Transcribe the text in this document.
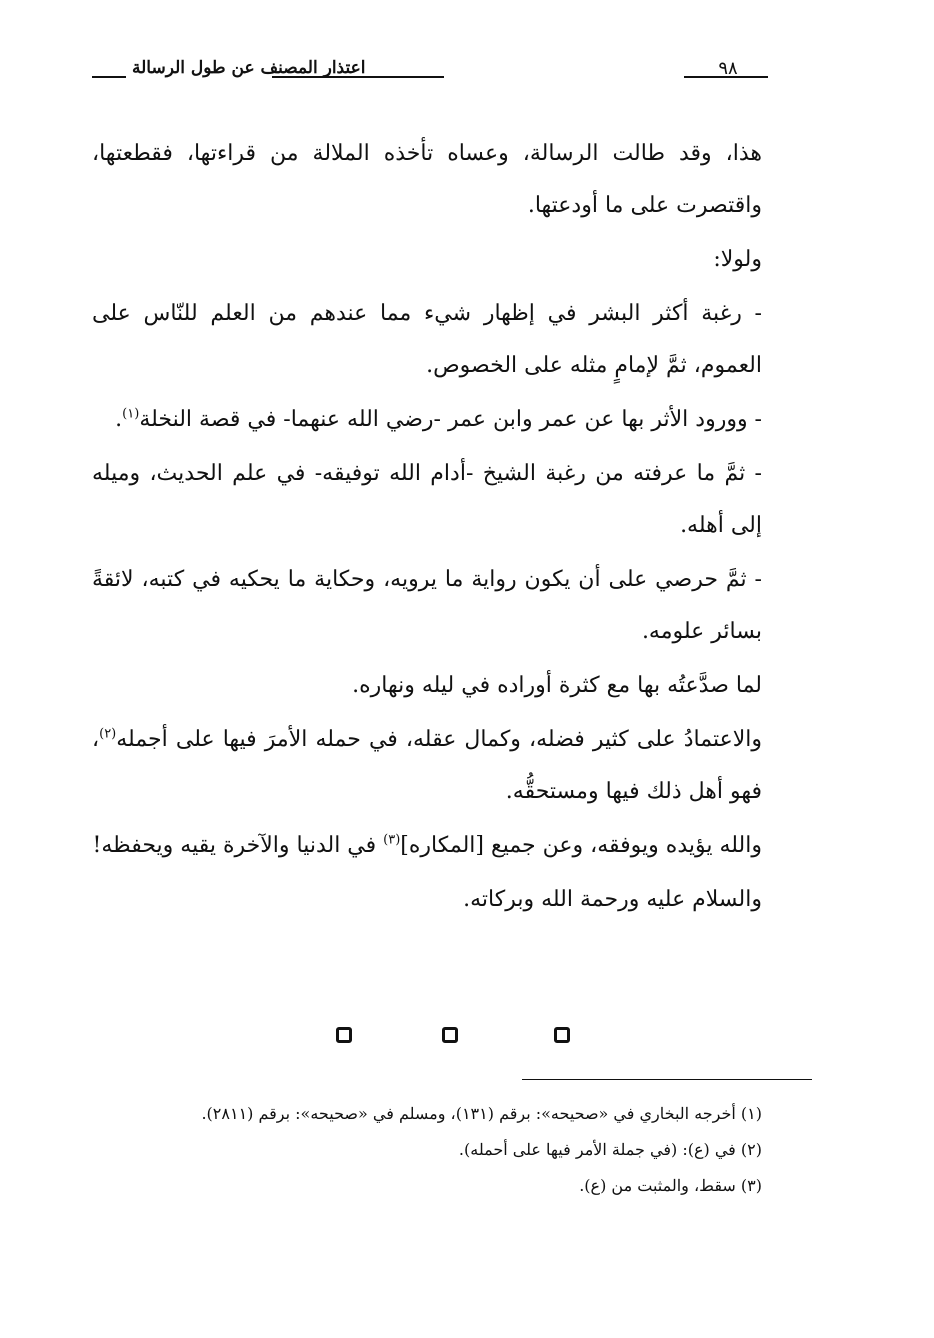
اعتذار المصنف عن طول الرسالة	٩٨

هذا، وقد طالت الرسالة، وعساه تأخذه الملالة من قراءتها، فقطعتها، واقتصرت على ما أودعتها.

ولولا:

- رغبة أكثر البشر في إظهار شيء مما عندهم من العلم للنّاس على العموم، ثمَّ لإمامٍ مثله على الخصوص.

- وورود الأثر بها عن عمر وابن عمر -رضي الله عنهما- في قصة النخلة$^{(١)}$.

- ثمَّ ما عرفته من رغبة الشيخ -أدام الله توفيقه- في علم الحديث، وميله إلى أهله.

- ثمَّ حرصي على أن يكون رواية ما يرويه، وحكاية ما يحكيه في كتبه، لائقةً بسائر علومه.

لما صدَّعتُه بها مع كثرة أوراده في ليله ونهاره.

والاعتمادُ على كثير فضله، وكمال عقله، في حمله الأمرَ فيها على أجمله$^{(٢)}$، فهو أهل ذلك فيها ومستحقُّه.

والله يؤيده ويوفقه، وعن جميع [المكاره]$^{(٣)}$ في الدنيا والآخرة يقيه ويحفظه!

والسلام عليه ورحمة الله وبركاته.

(١) أخرجه البخاري في «صحيحه»: برقم (١٣١)، ومسلم في «صحيحه»: برقم (٢٨١١).

(٢) في (ع): (في جملة الأمر فيها على أحمله).

(٣) سقط، والمثبت من (ع).
